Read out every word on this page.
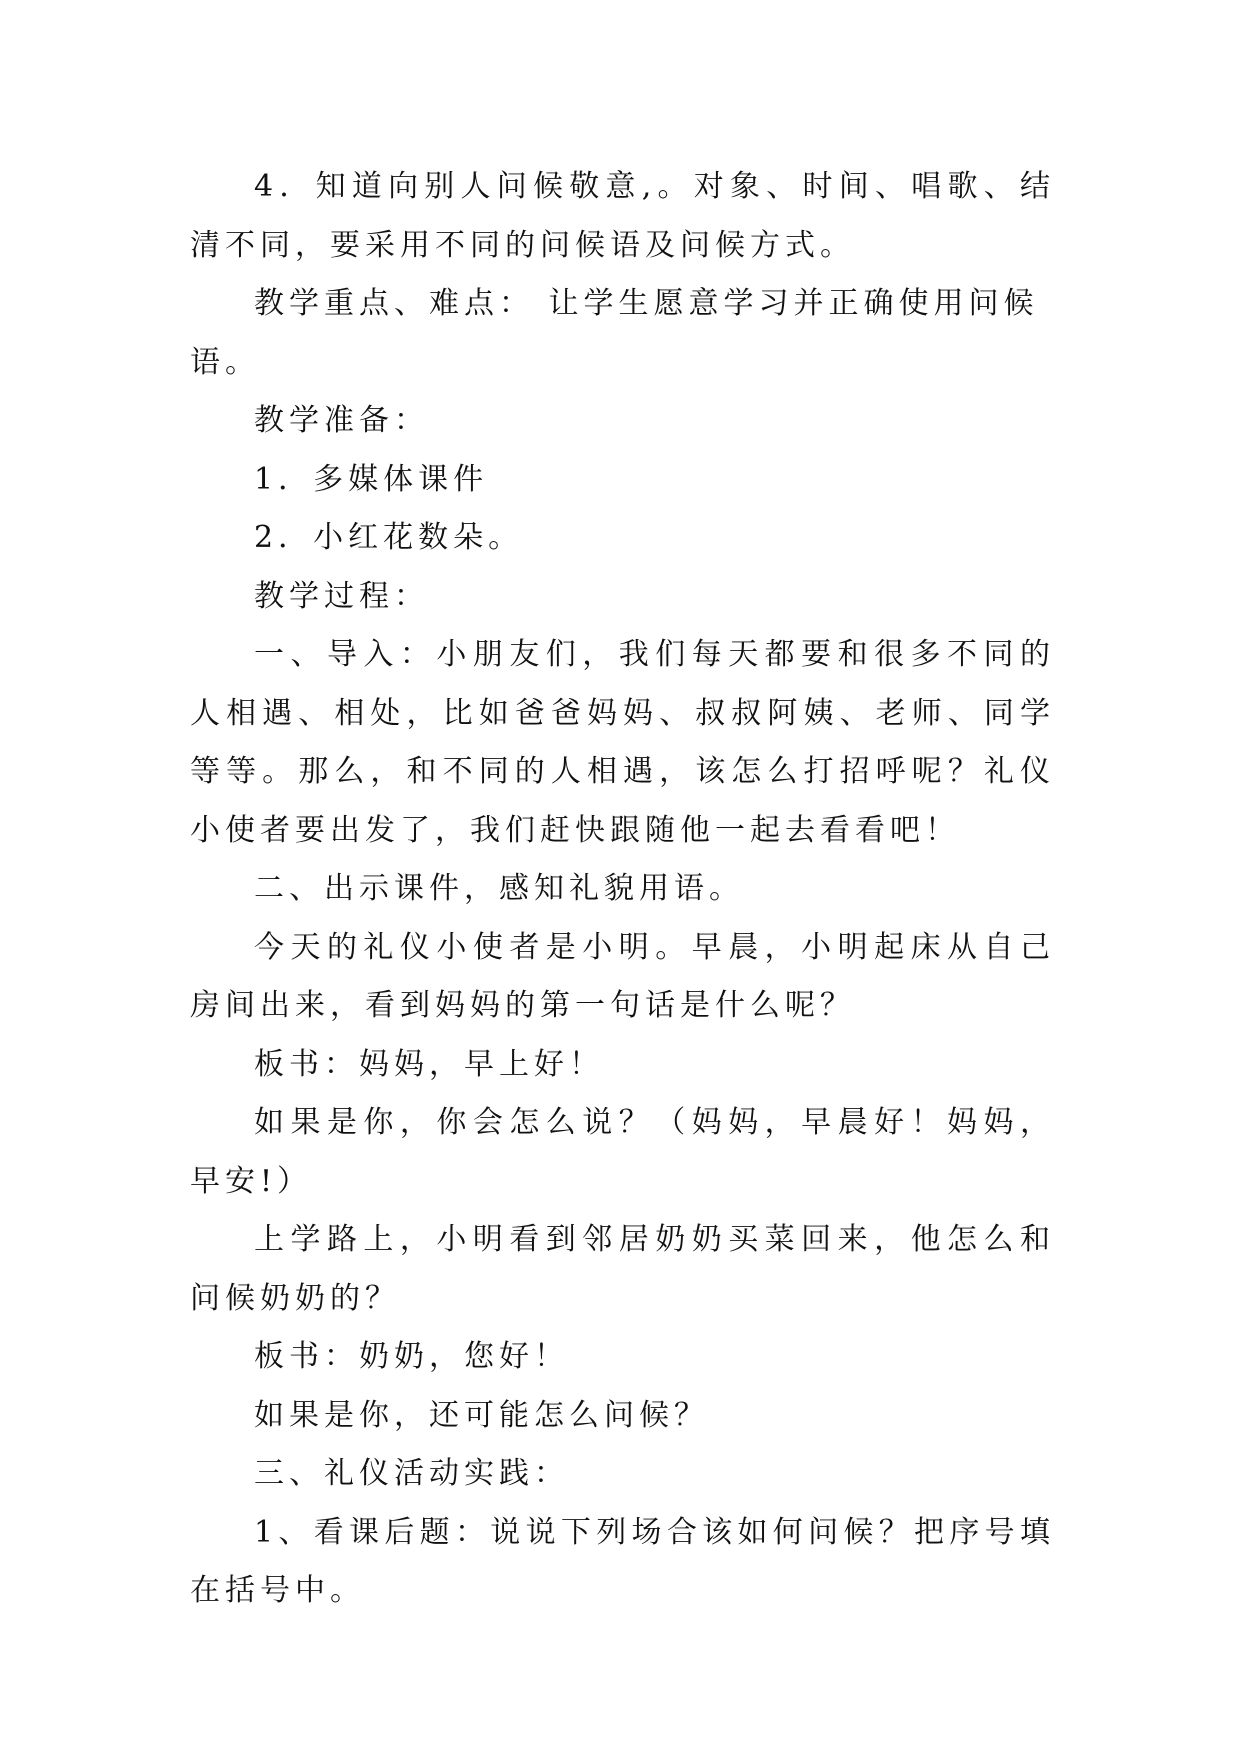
4．知道向别人问候敬意,。对象、时间、唱歌、结清不同，要采用不同的问候语及问候方式。

教学重点、难点： 让学生愿意学习并正确使用问候语。

教学准备：

1．多媒体课件

2．小红花数朵。

教学过程：

一、导入：小朋友们，我们每天都要和很多不同的人相遇、相处，比如爸爸妈妈、叔叔阿姨、老师、同学等等。那么，和不同的人相遇，该怎么打招呼呢？礼仪小使者要出发了，我们赶快跟随他一起去看看吧！

二、出示课件，感知礼貌用语。

今天的礼仪小使者是小明。早晨，小明起床从自己房间出来，看到妈妈的第一句话是什么呢？

板书：妈妈，早上好！

如果是你，你会怎么说？（妈妈，早晨好！妈妈，早安!）

上学路上，小明看到邻居奶奶买菜回来，他怎么和问候奶奶的？

板书：奶奶，您好！

如果是你，还可能怎么问候？

三、礼仪活动实践：

1、看课后题：说说下列场合该如何问候？把序号填在括号中。
